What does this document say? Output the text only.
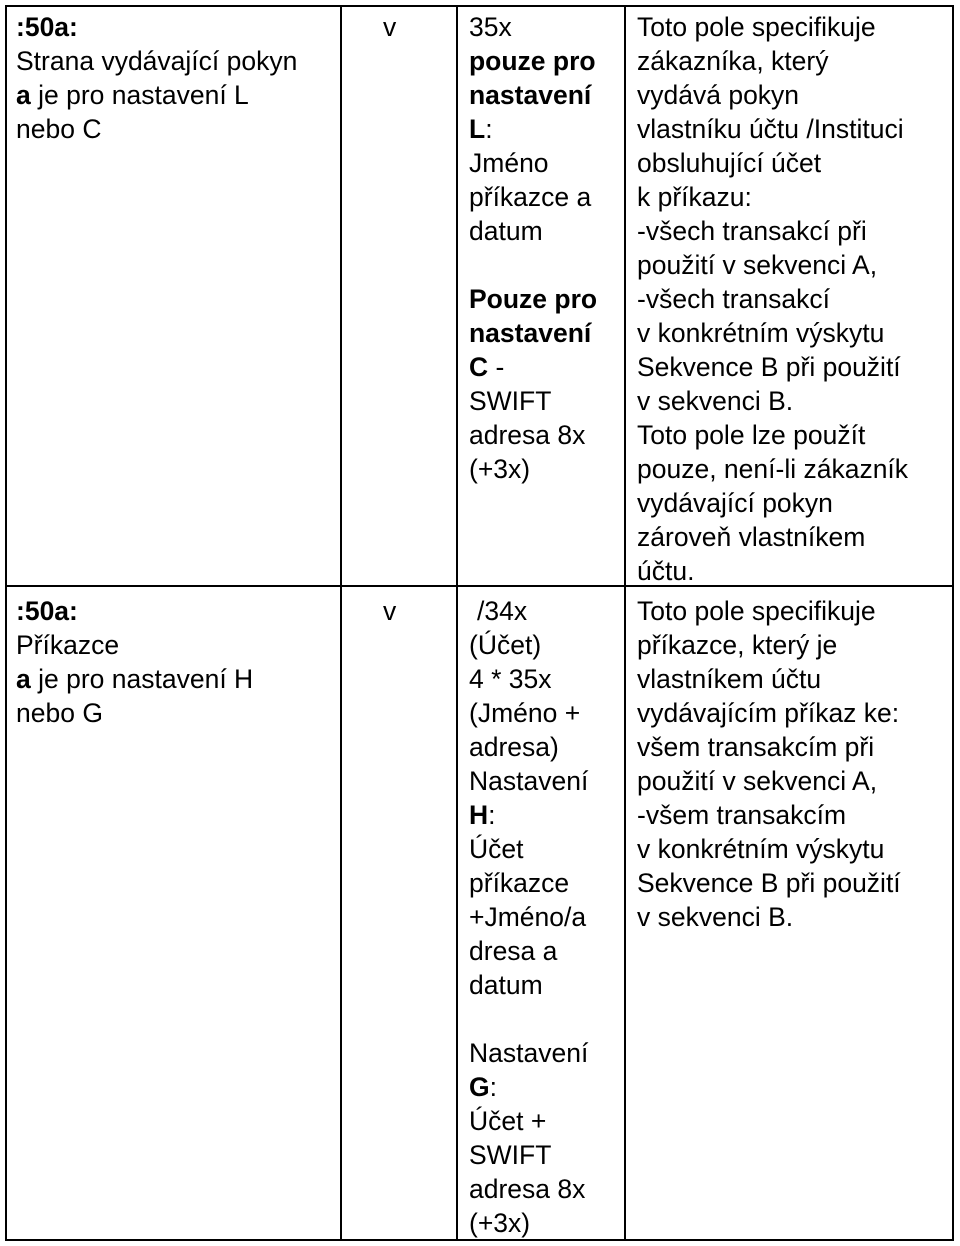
:50a:
Strana vydávající pokyn
a je pro nastavení L
nebo C
v	35x
pouze pro nastavení
L:
Jméno
příkazce a
datum
Pouze pro nastavení
C -
SWIFT
adresa 8x
(+3x)
Toto pole specifikuje
zákazníka, který
vydává pokyn
vlastníku účtu /Instituci
obsluhující účet
k příkazu:
-všech transakcí při
použití v sekvenci A,
-všech transakcí
v konkrétním výskytu
Sekvence B při použití
v sekvenci B.
Toto pole lze použít
pouze, není-li zákazník
vydávající pokyn
zároveň vlastníkem
účtu.
:50a:
Příkazce
a je pro nastavení H
nebo G
v	/34x
(Účet)
4 * 35x
(Jméno +
adresa)
Nastavení
H:
Účet
příkazce
+Jméno/a
dresa a
datum
Nastavení
G:
Účet +
SWIFT
adresa 8x
(+3x)
Toto pole specifikuje
příkazce, který je
vlastníkem účtu
vydávajícím příkaz ke:
všem transakcím při
použití v sekvenci A,
-všem transakcím
v konkrétním výskytu
Sekvence B při použití
v sekvenci B.
